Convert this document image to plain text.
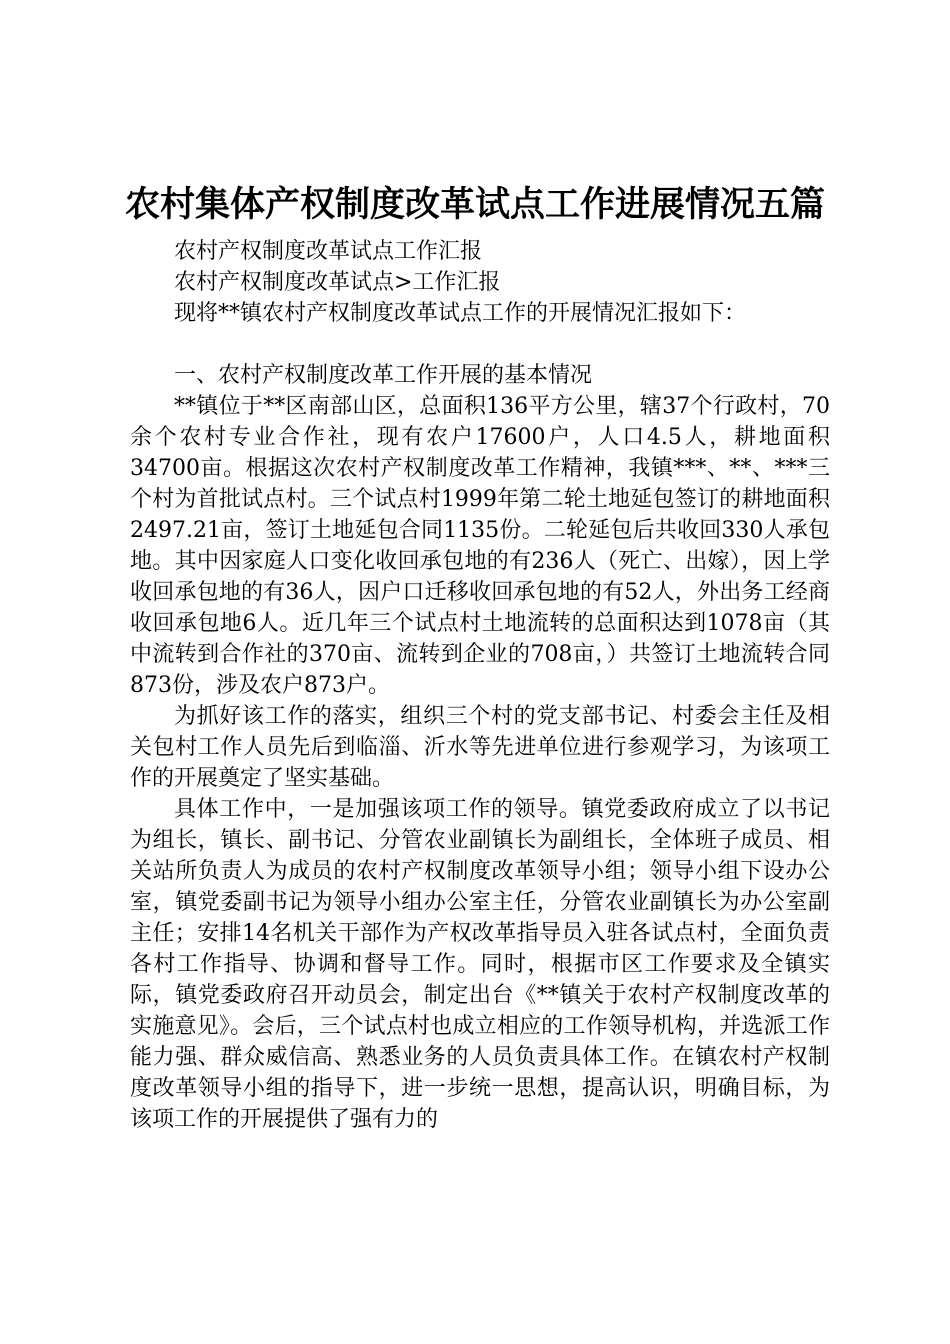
农村集体产权制度改革试点工作进展情况五篇

农村产权制度改革试点工作汇报

农村产权制度改革试点>工作汇报

现将**镇农村产权制度改革试点工作的开展情况汇报如下：

一、农村产权制度改革工作开展的基本情况

**镇位于**区南部山区，总面积136平方公里，辖37个行政村，70余个农村专业合作社，现有农户17600户，人口4.5人，耕地面积34700亩。根据这次农村产权制度改革工作精神，我镇***、**、***三个村为首批试点村。三个试点村1999年第二轮土地延包签订的耕地面积2497.21亩，签订土地延包合同1135份。二轮延包后共收回330人承包地。其中因家庭人口变化收回承包地的有236人（死亡、出嫁），因上学收回承包地的有36人，因户口迁移收回承包地的有52人，外出务工经商收回承包地6人。近几年三个试点村土地流转的总面积达到1078亩（其中流转到合作社的370亩、流转到企业的708亩，）共签订土地流转合同873份，涉及农户873户。

为抓好该工作的落实，组织三个村的党支部书记、村委会主任及相关包村工作人员先后到临淄、沂水等先进单位进行参观学习，为该项工作的开展奠定了坚实基础。

具体工作中，一是加强该项工作的领导。镇党委政府成立了以书记为组长，镇长、副书记、分管农业副镇长为副组长，全体班子成员、相关站所负责人为成员的农村产权制度改革领导小组；领导小组下设办公室，镇党委副书记为领导小组办公室主任，分管农业副镇长为办公室副主任；安排14名机关干部作为产权改革指导员入驻各试点村，全面负责各村工作指导、协调和督导工作。同时，根据市区工作要求及全镇实际，镇党委政府召开动员会，制定出台《**镇关于农村产权制度改革的实施意见》。会后，三个试点村也成立相应的工作领导机构，并选派工作能力强、群众威信高、熟悉业务的人员负责具体工作。在镇农村产权制度改革领导小组的指导下，进一步统一思想，提高认识，明确目标，为该项工作的开展提供了强有力的
